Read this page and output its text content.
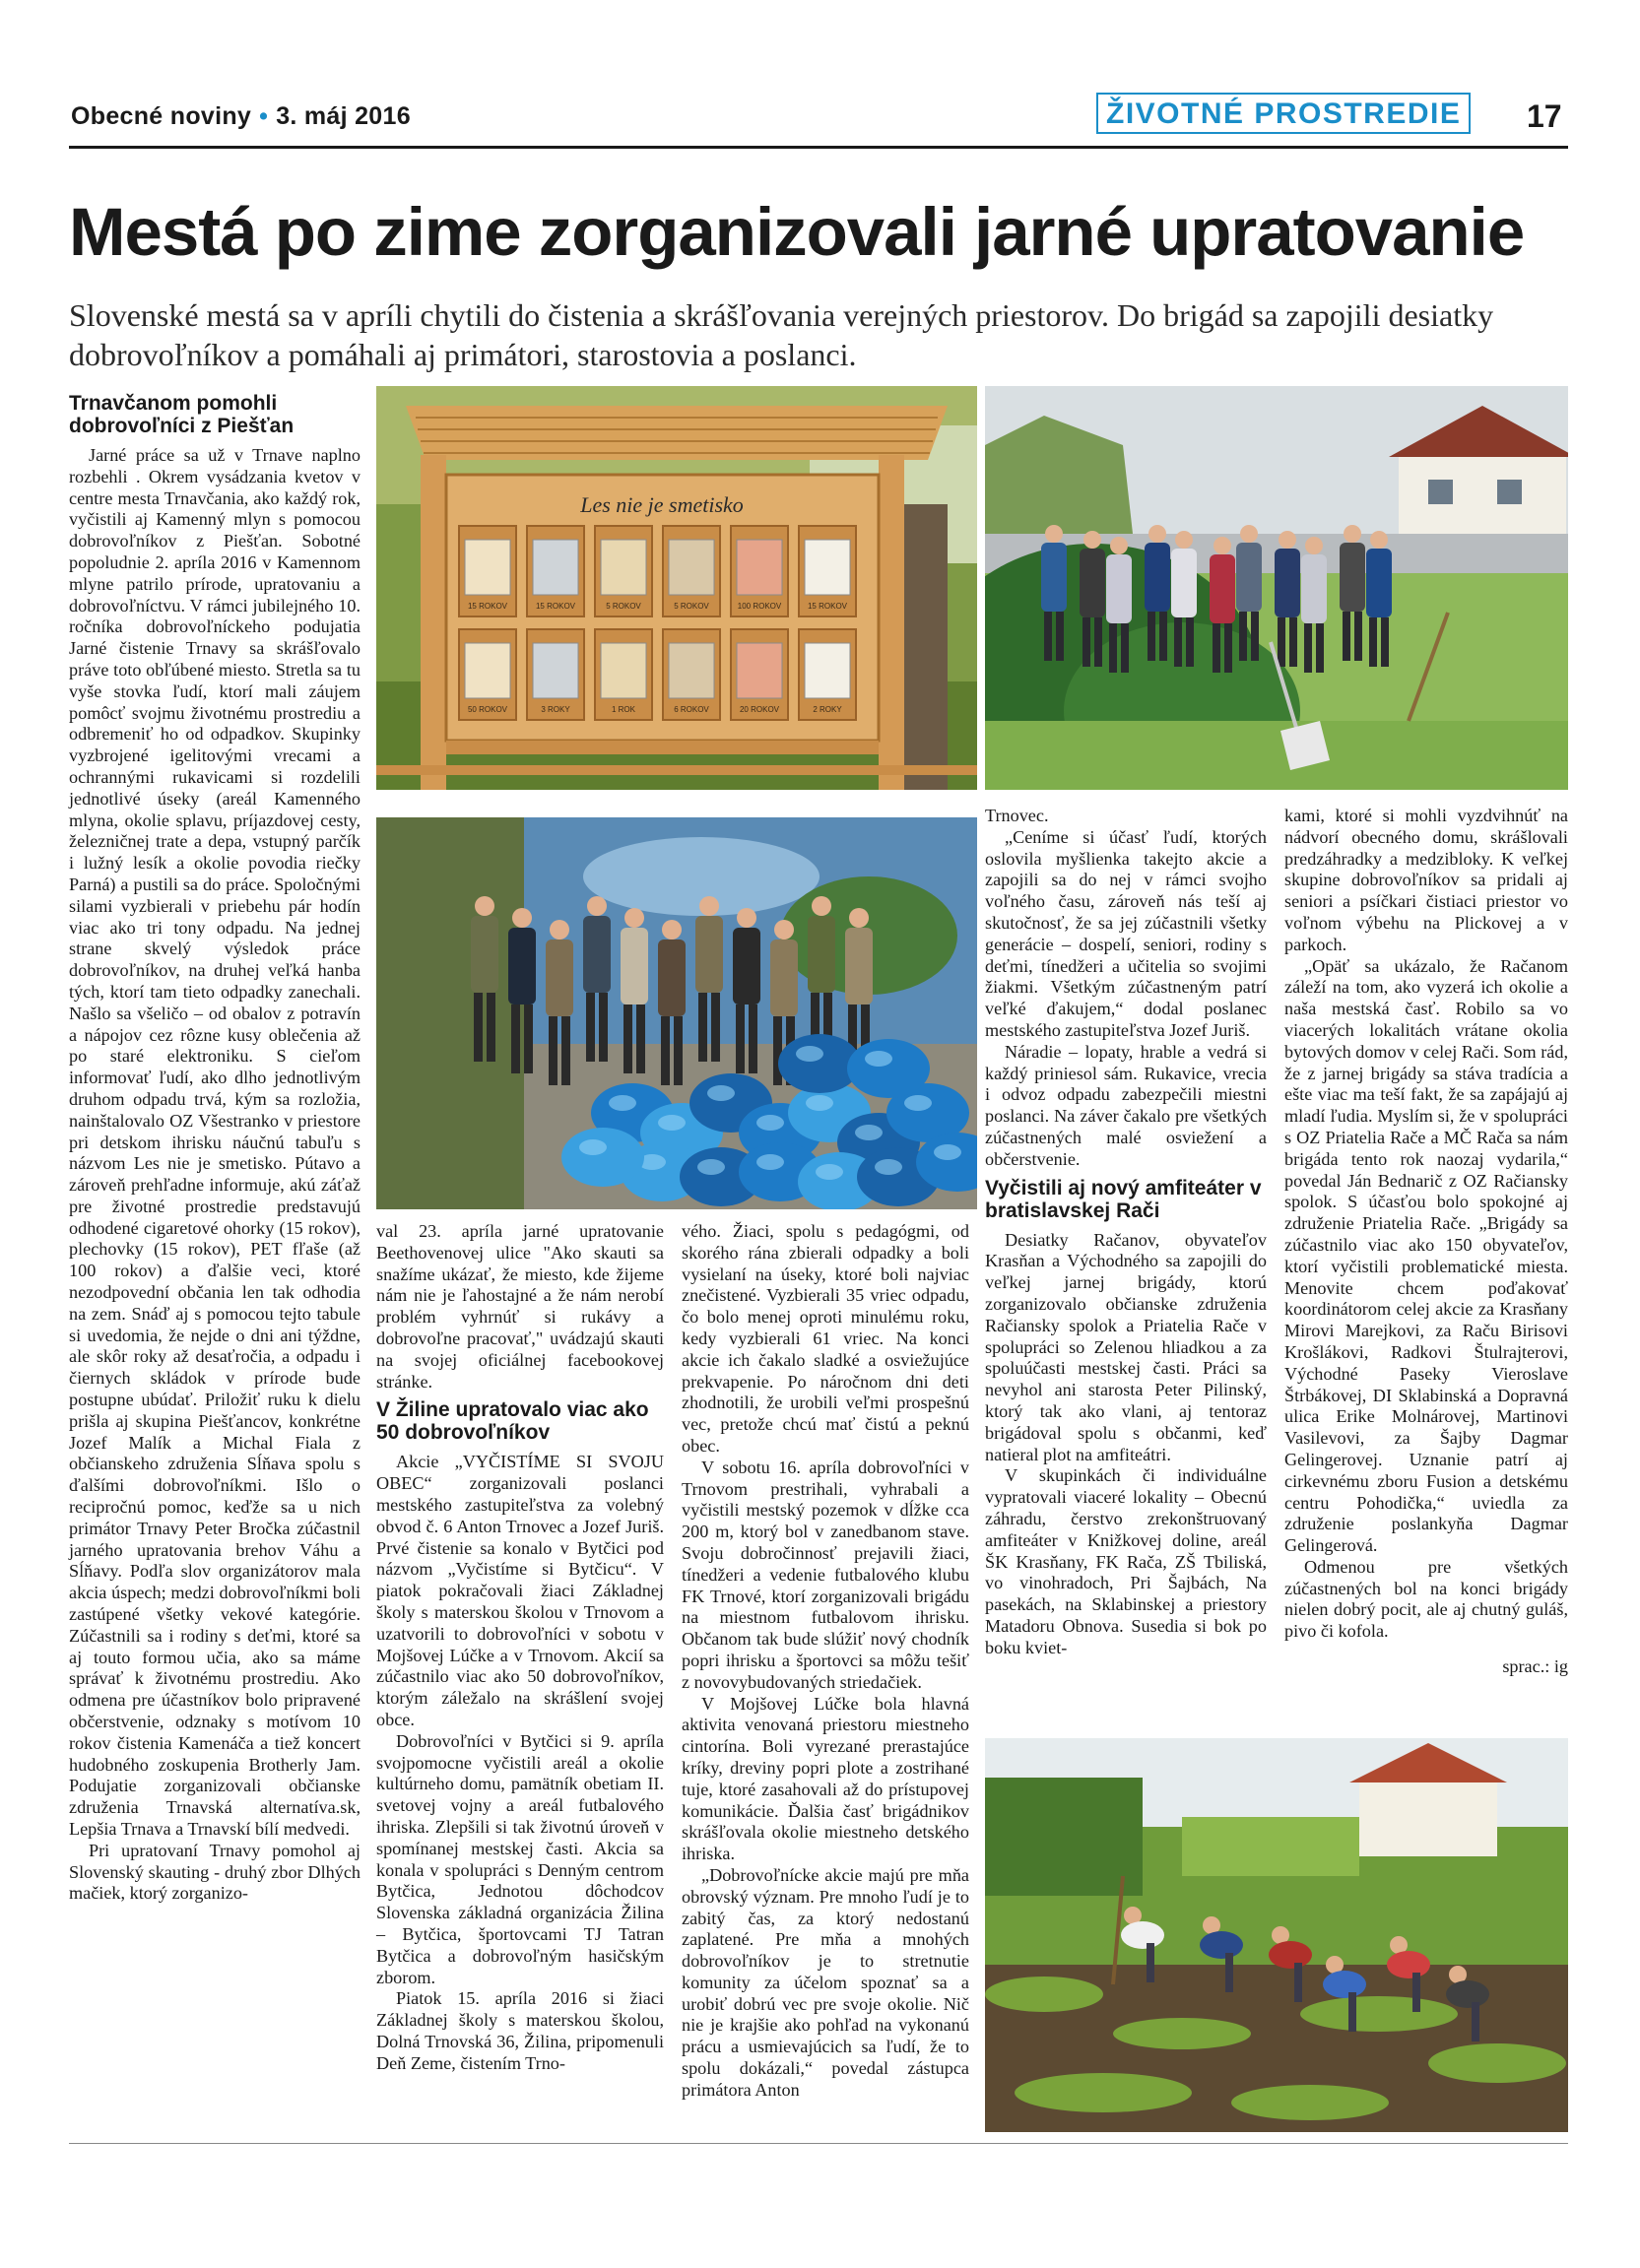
Obecné noviny • 3. máj 2016	ŽIVOTNÉ PROSTREDIE	17
Mestá po zime zorganizovali jarné upratovanie
Slovenské mestá sa v apríli chytili do čistenia a skrášľovania verejných priestorov. Do brigád sa zapojili desiatky dobrovoľníkov a pomáhali aj primátori, starostovia a poslanci.
Les nie je smetisko
15 ROKOV	15 ROKOV	5 ROKOV	5 ROKOV	100 ROKOV	15 ROKOV
50 ROKOV	3 ROKY	1 ROK	6 ROKOV	20 ROKOV	2 ROKY
Trnavčanom pomohli dobrovoľníci z Piešťan

Jarné práce sa už v Trnave naplno rozbehli . Okrem vysádzania kvetov v centre mesta Trnavčania, ako každý rok, vyčistili aj Kamenný mlyn s pomocou dobrovoľníkov z Piešťan. Sobotné popoludnie 2. apríla 2016 v Kamennom mlyne patrilo prírode, upratovaniu a dobrovoľníctvu. V rámci jubilejného 10. ročníka dobrovoľníckeho podujatia Jarné čistenie Trnavy sa skrášľovalo práve toto obľúbené miesto. Stretla sa tu vyše stovka ľudí, ktorí mali záujem pomôcť svojmu životnému prostrediu a odbremeniť ho od odpadkov. Skupinky vyzbrojené igelitovými vrecami a ochrannými rukavicami si rozdelili jednotlivé úseky (areál Kamenného mlyna, okolie splavu, príjazdovej cesty, železničnej trate a depa, vstupný parčík i lužný lesík a okolie povodia riečky Parná) a pustili sa do práce. Spoločnými silami vyzbierali v priebehu pár hodín viac ako tri tony odpadu. Na jednej strane skvelý výsledok práce dobrovoľníkov, na druhej veľká hanba tých, ktorí tam tieto odpadky zanechali. Našlo sa všeličo – od obalov z potravín a nápojov cez rôzne kusy oblečenia až po staré elektroniku. S cieľom informovať ľudí, ako dlho jednotlivým druhom odpadu trvá, kým sa rozložia, nainštalovalo OZ Všestranko v priestore pri detskom ihrisku náučnú tabuľu s názvom Les nie je smetisko. Pútavo a zároveň prehľadne informuje, akú záťaž pre životné prostredie predstavujú odhodené cigaretové ohorky (15 rokov), plechovky (15 rokov), PET fľaše (až 100 rokov) a ďalšie veci, ktoré nezodpovední občania len tak odhodia na zem. Snáď aj s pomocou tejto tabule si uvedomia, že nejde o dni ani týždne, ale skôr roky až desaťročia, a odpadu i čiernych skládok v prírode bude postupne ubúdať. Priložiť ruku k dielu prišla aj skupina Piešťancov, konkrétne Jozef Malík a Michal Fiala z občianskeho združenia Sĺňava spolu s ďalšími dobrovoľníkmi. Išlo o recipročnú pomoc, keďže sa u nich primátor Trnavy Peter Bročka zúčastnil jarného upratovania brehov Váhu a Sĺňavy. Podľa slov organizátorov mala akcia úspech; medzi dobrovoľníkmi boli zastúpené všetky vekové kategórie. Zúčastnili sa i rodiny s deťmi, ktoré sa aj touto formou učia, ako sa máme správať k životnému prostrediu. Ako odmena pre účastníkov bolo pripravené občerstvenie, odznaky s motívom 10 rokov čistenia Kamenáča a tiež koncert hudobného zoskupenia Brotherly Jam. Podujatie zorganizovali občianske združenia Trnavská alternatíva.sk, Lepšia Trnava a Trnavskí bílí medvedi.

Pri upratovaní Trnavy pomohol aj Slovenský skauting - druhý zbor Dlhých mačiek, ktorý zorganizo-

val 23. apríla jarné upratovanie Beethovenovej ulice "Ako skauti sa snažíme ukázať, že miesto, kde žijeme nám nie je ľahostajné a že nám nerobí problém vyhrnúť si rukávy a dobrovoľne pracovať," uvádzajú skauti na svojej oficiálnej facebookovej stránke.

V Žiline upratovalo viac ako 50 dobrovoľníkov

Akcie „VYČISTÍME SI SVOJU OBEC“ zorganizovali poslanci mestského zastupiteľstva za volebný obvod č. 6 Anton Trnovec a Jozef Juriš. Prvé čistenie sa konalo v Bytčici pod názvom „Vyčistíme si Bytčicu“. V piatok pokračovali žiaci Základnej školy s materskou školou v Trnovom a uzatvorili to dobrovoľníci v sobotu v Mojšovej Lúčke a v Trnovom. Akcií sa zúčastnilo viac ako 50 dobrovoľníkov, ktorým záležalo na skrášlení svojej obce.

Dobrovoľníci v Bytčici si 9. apríla svojpomocne vyčistili areál a okolie kultúrneho domu, pamätník obetiam II. svetovej vojny a areál futbalového ihriska. Zlepšili si tak životnú úroveň v spomínanej mestskej časti. Akcia sa konala v spolupráci s Denným centrom Bytčica, Jednotou dôchodcov Slovenska základná organizácia Žilina – Bytčica, športovcami TJ Tatran Bytčica a dobrovoľným hasičským zborom.

Piatok 15. apríla 2016 si žiaci Základnej školy s materskou školou, Dolná Trnovská 36, Žilina, pripomenuli Deň Zeme, čistením Trno-

vého. Žiaci, spolu s pedagógmi, od skorého rána zbierali odpadky a boli vysielaní na úseky, ktoré boli najviac znečistené. Vyzbierali 35 vriec odpadu, čo bolo menej oproti minulému roku, kedy vyzbierali 61 vriec. Na konci akcie ich čakalo sladké a osviežujúce prekvapenie. Po náročnom dni deti zhodnotili, že urobili veľmi prospešnú vec, pretože chcú mať čistú a peknú obec.

V sobotu 16. apríla dobrovoľníci v Trnovom prestrihali, vyhrabali a vyčistili mestský pozemok v dĺžke cca 200 m, ktorý bol v zanedbanom stave. Svoju dobročinnosť prejavili žiaci, tínedžeri a vedenie futbalového klubu FK Trnové, ktorí zorganizovali brigádu na miestnom futbalovom ihrisku. Občanom tak bude slúžiť nový chodník popri ihrisku a športovci sa môžu tešiť z novovybudovaných striedačiek.

V Mojšovej Lúčke bola hlavná aktivita venovaná priestoru miestneho cintorína. Boli vyrezané prerastajúce kríky, dreviny popri plote a zostrihané tuje, ktoré zasahovali až do prístupovej komunikácie. Ďalšia časť brigádnikov skrášľovala okolie miestneho detského ihriska.

„Dobrovoľnícke akcie majú pre mňa obrovský význam. Pre mnoho ľudí je to zabitý čas, za ktorý nedostanú zaplatené. Pre mňa a mnohých dobrovoľníkov je to stretnutie komunity za účelom spoznať sa a urobiť dobrú vec pre svoje okolie. Nič nie je krajšie ako pohľad na vykonanú prácu a usmievajúcich sa ľudí, že to spolu dokázali,“ povedal zástupca primátora Anton

Trnovec.

„Ceníme si účasť ľudí, ktorých oslovila myšlienka takejto akcie a zapojili sa do nej v rámci svojho voľného času, zároveň nás teší aj skutočnosť, že sa jej zúčastnili všetky generácie – dospelí, seniori, rodiny s deťmi, tínedžeri a učitelia so svojimi žiakmi. Všetkým zúčastneným patrí veľké ďakujem,“ dodal poslanec mestského zastupiteľstva Jozef Juriš.

Náradie – lopaty, hrable a vedrá si každý priniesol sám. Rukavice, vrecia i odvoz odpadu zabezpečili miestni poslanci. Na záver čakalo pre všetkých zúčastnených malé osviežení a občerstvenie.

Vyčistili aj nový amfiteáter v bratislavskej Rači

Desiatky Račanov, obyvateľov Krasňan a Východného sa zapojili do veľkej jarnej brigády, ktorú zorganizovalo občianske združenia Račiansky spolok a Priatelia Rače v spolupráci so Zelenou hliadkou a za spoluúčasti mestskej časti. Práci sa nevyhol ani starosta Peter Pilinský, ktorý tak ako vlani, aj tentoraz brigádoval spolu s občanmi, keď natieral plot na amfiteátri.

V skupinkách či individuálne vypratovali viaceré lokality – Obecnú záhradu, čerstvo zrekonštruovaný amfiteáter v Knižkovej doline, areál ŠK Krasňany, FK Rača, ZŠ Tbiliská, vo vinohradoch, Pri Šajbách, Na pasekách, na Sklabinskej a priestory Matadoru Obnova. Susedia si bok po boku kviet-

kami, ktoré si mohli vyzdvihnúť na nádvorí obecného domu, skrášlovali predzáhradky a medzibloky. K veľkej skupine dobrovoľníkov sa pridali aj seniori a psíčkari čistiaci priestor vo voľnom výbehu na Plickovej a v parkoch.

„Opäť sa ukázalo, že Račanom záleží na tom, ako vyzerá ich okolie a naša mestská časť. Robilo sa vo viacerých lokalitách vrátane okolia bytových domov v celej Rači. Som rád, že z jarnej brigády sa stáva tradícia a ešte viac ma teší fakt, že sa zapájajú aj mladí ľudia. Myslím si, že v spolupráci s OZ Priatelia Rače a MČ Rača sa nám brigáda tento rok naozaj vydarila,“ povedal Ján Bednarič z OZ Račiansky spolok. S účasťou bolo spokojné aj združenie Priatelia Rače. „Brigády sa zúčastnilo viac ako 150 obyvateľov, ktorí vyčistili problematické miesta. Menovite chcem poďakovať koordinátorom celej akcie za Krasňany Mirovi Marejkovi, za Raču Birisovi Krošlákovi, Radkovi Štulrajterovi, Východné Paseky Vieroslave Štrbákovej, DI Sklabinská a Dopravná ulica Erike Molnárovej, Martinovi Vasilevovi, za Šajby Dagmar Gelingerovej. Uznanie patrí aj cirkevnému zboru Fusion a detskému centru Pohodička,“ uviedla za združenie poslankyňa Dagmar Gelingerová.

Odmenou pre všetkých zúčastnených bol na konci brigády nielen dobrý pocit, ale aj chutný guláš, pivo či kofola.

sprac.: ig
